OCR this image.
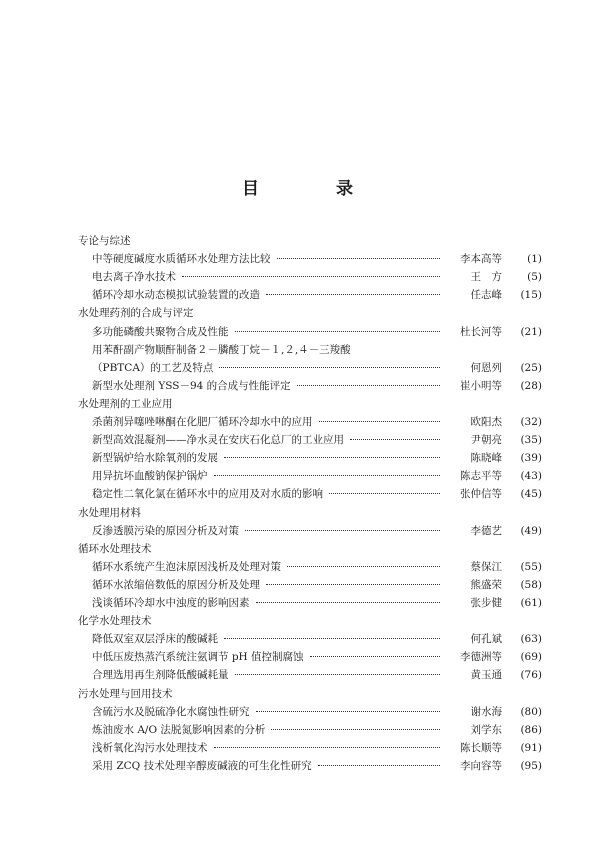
目　录
专论与综述
中等硬度碱度水质循环水处理方法比较	李本高等	(1)
电去离子净水技术	王　方	(5)
循环冷却水动态模拟试验装置的改造	任志峰	(15)
水处理药剂的合成与评定
多功能磷酸共聚物合成及性能	杜长河等	(21)
用苯酐副产物顺酐制备２－膦酸丁烷－１,２,４－三羧酸
（PBTCA）的工艺及特点	何恩列	(25)
新型水处理剂 YSS－94 的合成与性能评定	崔小明等	(28)
水处理剂的工业应用
杀菌剂异噻唑啉酮在化肥厂循环冷却水中的应用	欧阳杰	(32)
新型高效混凝剂——净水灵在安庆石化总厂的工业应用	尹朝亮	(35)
新型锅炉给水除氧剂的发展	陈晓峰	(39)
用异抗坏血酸钠保护锅炉	陈志平等	(43)
稳定性二氧化氯在循环水中的应用及对水质的影响	张仲信等	(45)
水处理用材料
反渗透膜污染的原因分析及对策	李德艺	(49)
循环水处理技术
循环水系统产生泡沫原因浅析及处理对策	蔡保江	(55)
循环水浓缩倍数低的原因分析及处理	熊盛荣	(58)
浅谈循环冷却水中浊度的影响因素	张步健	(61)
化学水处理技术
降低双室双层浮床的酸碱耗	何孔斌	(63)
中低压废热蒸汽系统注氨调节 pH 值控制腐蚀	李德洲等	(69)
合理选用再生剂降低酸碱耗量	黄玉通	(76)
污水处理与回用技术
含硫污水及脱硫净化水腐蚀性研究	谢水海	(80)
炼油废水 A/O 法脱氮影响因素的分析	刘学东	(86)
浅析氧化沟污水处理技术	陈长顺等	(91)
采用 ZCQ 技术处理辛醇废碱液的可生化性研究	李向容等	(95)
